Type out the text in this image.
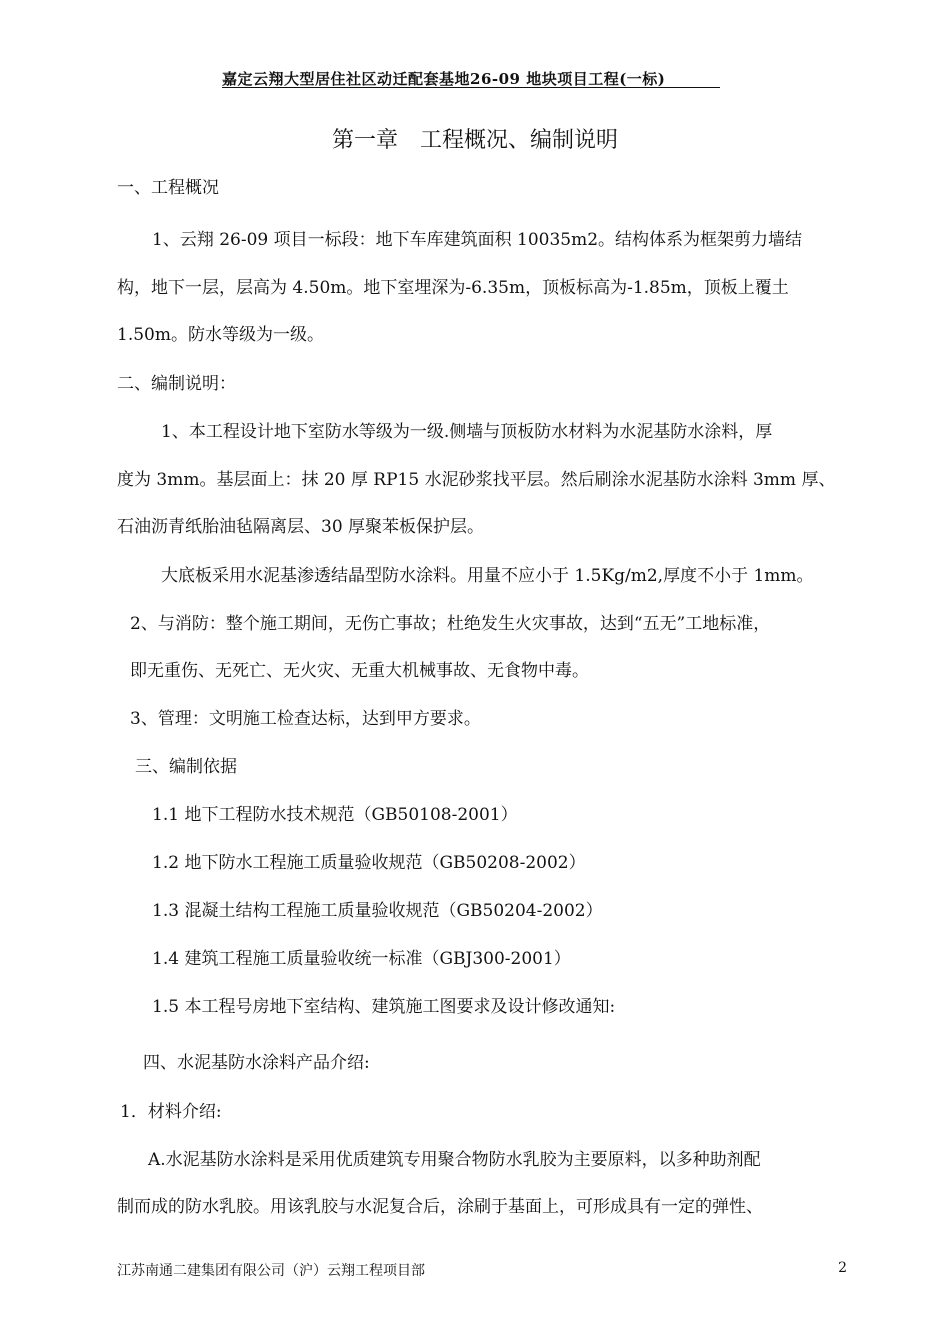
嘉定云翔大型居住社区动迁配套基地26-09 地块项目工程(一标)
第一章　工程概况、编制说明
一、工程概况
1、云翔 26-09 项目一标段：地下车库建筑面积 10035m2。结构体系为框架剪力墙结
构，地下一层，层高为 4.50m。地下室埋深为-6.35m，顶板标高为-1.85m，顶板上覆土
1.50m。防水等级为一级。
二、编制说明：
1、本工程设计地下室防水等级为一级.侧墙与顶板防水材料为水泥基防水涂料，厚
度为 3mm。基层面上：抹 20 厚 RP15 水泥砂浆找平层。然后刷涂水泥基防水涂料 3mm 厚、
石油沥青纸胎油毡隔离层、30 厚聚苯板保护层。
大底板采用水泥基渗透结晶型防水涂料。用量不应小于 1.5Kg/m2,厚度不小于 1mm。
2、与消防：整个施工期间，无伤亡事故；杜绝发生火灾事故，达到“五无”工地标准，
即无重伤、无死亡、无火灾、无重大机械事故、无食物中毒。
3、管理：文明施工检查达标，达到甲方要求。
三、编制依据
1.1 地下工程防水技术规范（GB50108-2001）
1.2 地下防水工程施工质量验收规范（GB50208-2002）
1.3 混凝土结构工程施工质量验收规范（GB50204-2002）
1.4 建筑工程施工质量验收统一标准（GBJ300-2001）
1.5 本工程号房地下室结构、建筑施工图要求及设计修改通知:
四、水泥基防水涂料产品介绍:
1．材料介绍:
A.水泥基防水涂料是采用优质建筑专用聚合物防水乳胶为主要原料，以多种助剂配
制而成的防水乳胶。用该乳胶与水泥复合后，涂刷于基面上，可形成具有一定的弹性、
江苏南通二建集团有限公司（沪）云翔工程项目部	2
